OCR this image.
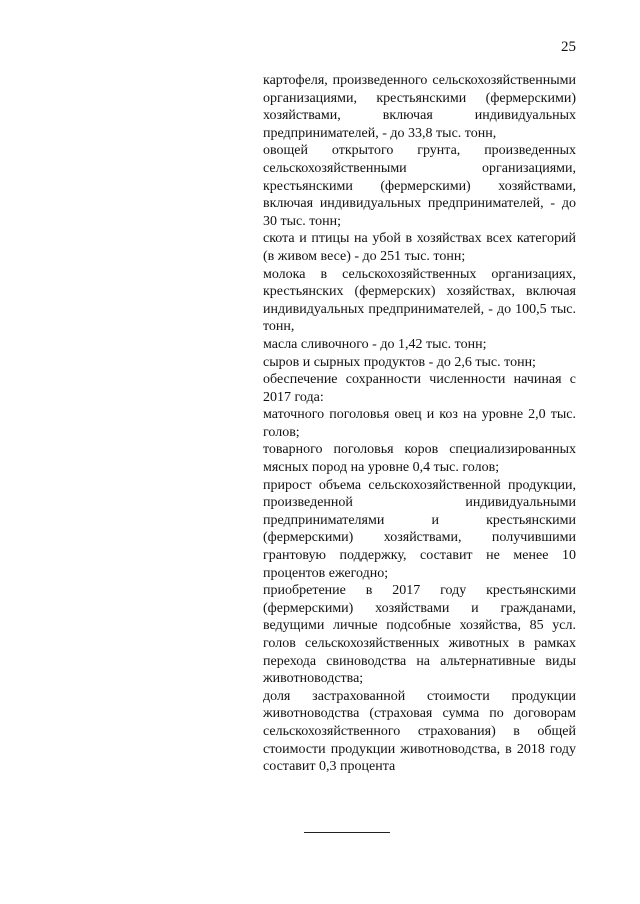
25

картофеля, произведенного сельскохозяйственными организациями, крестьянскими (фермерскими) хозяйствами, включая индивидуальных предпринимателей, - до 33,8 тыс. тонн,

овощей открытого грунта, произведенных сельскохозяйственными организациями, крестьянскими (фермерскими) хозяйствами, включая индивидуальных предпринимателей, - до 30 тыс. тонн;

скота и птицы на убой в хозяйствах всех категорий (в живом весе) - до 251 тыс. тонн;

молока в сельскохозяйственных организациях, крестьянских (фермерских) хозяйствах, включая индивидуальных предпринимателей, - до 100,5 тыс. тонн,

масла сливочного - до 1,42 тыс. тонн;

сыров и сырных продуктов - до 2,6 тыс. тонн;

обеспечение сохранности численности начиная с 2017 года:

маточного поголовья овец и коз на уровне 2,0 тыс. голов;

товарного поголовья коров специализированных мясных пород на уровне 0,4 тыс. голов;

прирост объема сельскохозяйственной продукции, произведенной индивидуальными предпринимателями и крестьянскими (фермерскими) хозяйствами, получившими грантовую поддержку, составит не менее 10 процентов ежегодно;

приобретение в 2017 году крестьянскими (фермерскими) хозяйствами и гражданами, ведущими личные подсобные хозяйства, 85 усл. голов сельскохозяйственных животных в рамках перехода свиноводства на альтернативные виды животноводства;

доля застрахованной стоимости продукции животноводства (страховая сумма по договорам сельскохозяйственного страхования) в общей стоимости продукции животноводства, в 2018 году составит 0,3 процента
